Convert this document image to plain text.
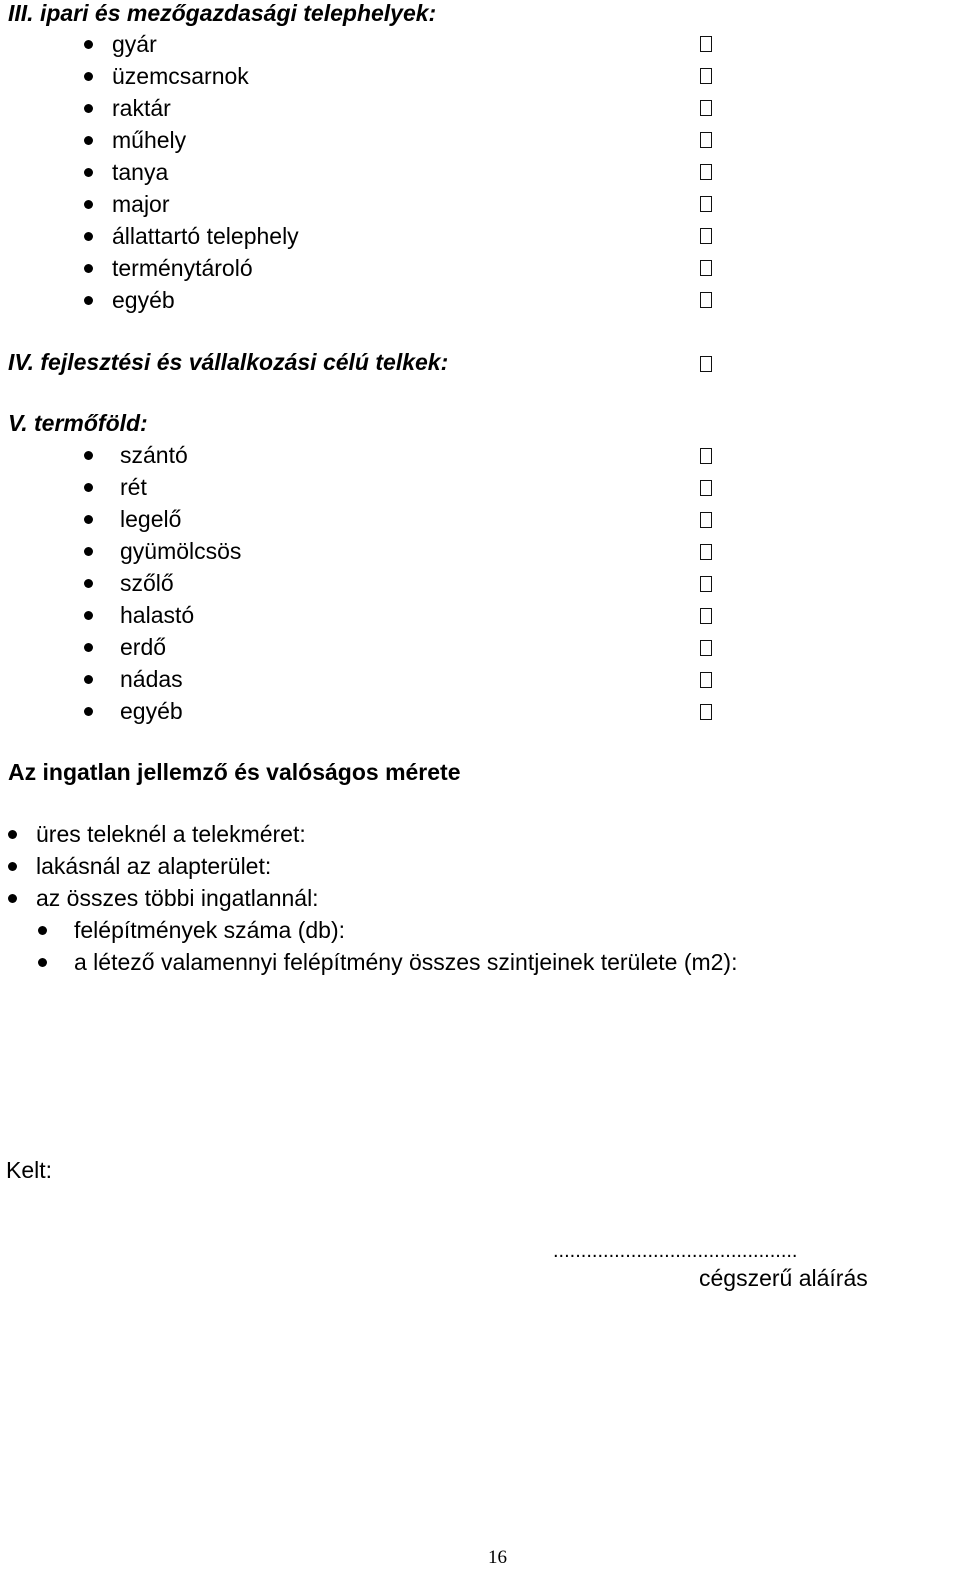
III. ipari és mezőgazdasági telephelyek:
gyár
üzemcsarnok
raktár
műhely
tanya
major
állattartó telephely
terménytároló
egyéb
IV. fejlesztési és vállalkozási célú telkek:
V. termőföld:
szántó
rét
legelő
gyümölcsös
szőlő
halastó
erdő
nádas
egyéb
Az ingatlan jellemző és valóságos mérete
üres teleknél a telekméret:
lakásnál az alapterület:
az összes többi ingatlannál:
felépítmények száma (db):
a létező valamennyi felépítmény összes szintjeinek területe (m2):
Kelt:
............................................
cégszerű aláírás
16
